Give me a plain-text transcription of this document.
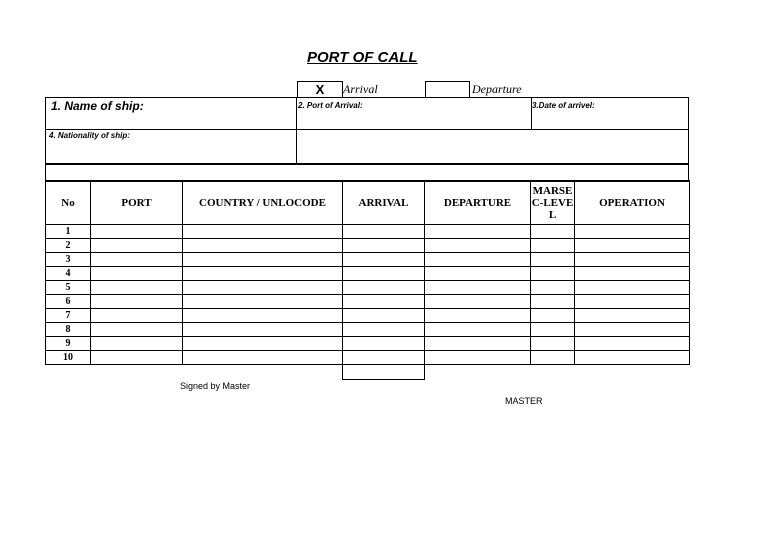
PORT OF CALL
X	Arrival	Departure
1. Name of ship:	2. Port of Arrival:	3.Date of arrivel:
4. Nationality of ship:
No	PORT	COUNTRY / UNLOCODE	ARRIVAL	DEPARTURE	MARSEC-LEVEL	OPERATION
1						
2						
3						
4						
5						
6						
7						
8						
9						
10						
Signed by Master
MASTER
